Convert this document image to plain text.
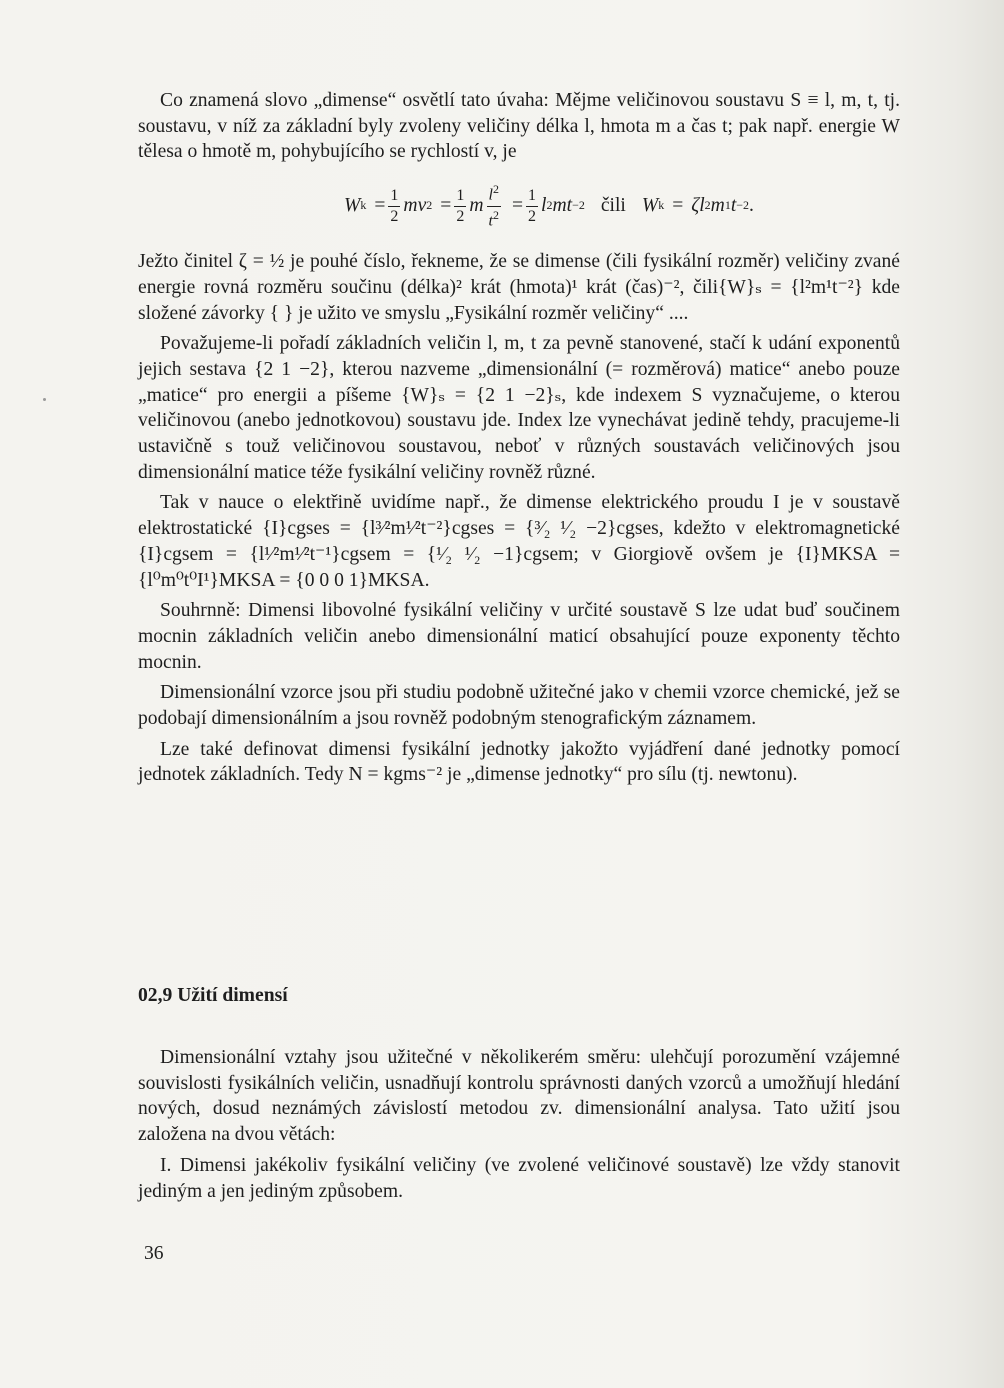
Co znamená slovo „dimense“ osvětlí tato úvaha: Mějme veličinovou soustavu S ≡ l, m, t, tj. soustavu, v níž za základní byly zvoleny veličiny délka l, hmota m a čas t; pak např. energie W tělesa o hmotě m, pohybujícího se rychlostí v, je

W $k = \frac{1}{2}$ mv $2 = \frac{1}{2}$ m $\frac{l^2}{t^2} = \frac{1}{2}$ l 2 mt −2 čili W k = ζl 2 m 1 t −2 .

Ježto činitel ζ = ½ je pouhé číslo, řekneme, že se dimense (čili fysikální rozměr) veličiny zvané energie rovná rozměru součinu (délka)² krát (hmota)¹ krát (čas)⁻², čili{W}ₛ = {l²m¹t⁻²} kde složené závorky { } je užito ve smyslu „Fysikální rozměr veličiny“ ....

Považujeme-li pořadí základních veličin l, m, t za pevně stanovené, stačí k udání exponentů jejich sestava {2 1 −2}, kterou nazveme „dimensionální (= rozměrová) matice“ anebo pouze „matice“ pro energii a píšeme {W}ₛ = {2 1 −2}ₛ, kde indexem S vyznačujeme, o kterou veličinovou (anebo jednotkovou) soustavu jde. Index lze vynechávat jedině tehdy, pracujeme-li ustavičně s touž veličinovou soustavou, neboť v různých soustavách veličinových jsou dimensionální matice téže fysikální veličiny rovněž různé.

Tak v nauce o elektřině uvidíme např., že dimense elektrického proudu I je v soustavě elektrostatické {I}cgses = {l³⁄²m¹⁄²t⁻²}cgses = {³⁄₂ ¹⁄₂ −2}cgses, kdežto v elektromagnetické {I}cgsem = {l¹⁄²m¹⁄²t⁻¹}cgsem = {¹⁄₂ ¹⁄₂ −1}cgsem; v Giorgiově ovšem je {I}MKSA = {l⁰m⁰t⁰I¹}MKSA = {0 0 0 1}MKSA.

Souhrnně: Dimensi libovolné fysikální veličiny v určité soustavě S lze udat buď součinem mocnin základních veličin anebo dimensionální maticí obsahující pouze exponenty těchto mocnin.

Dimensionální vzorce jsou při studiu podobně užitečné jako v chemii vzorce chemické, jež se podobají dimensionálním a jsou rovněž podobným stenografickým záznamem.

Lze také definovat dimensi fysikální jednotky jakožto vyjádření dané jednotky pomocí jednotek základních. Tedy N = kgms⁻² je „dimense jednotky“ pro sílu (tj. newtonu).

02,9 Užití dimensí

Dimensionální vztahy jsou užitečné v několikerém směru: ulehčují porozumění vzájemné souvislosti fysikálních veličin, usnadňují kontrolu správnosti daných vzorců a umožňují hledání nových, dosud neznámých závislostí metodou zv. dimensionální analysa. Tato užití jsou založena na dvou větách:

I. Dimensi jakékoliv fysikální veličiny (ve zvolené veličinové soustavě) lze vždy stanovit jediným a jen jediným způsobem.

36
